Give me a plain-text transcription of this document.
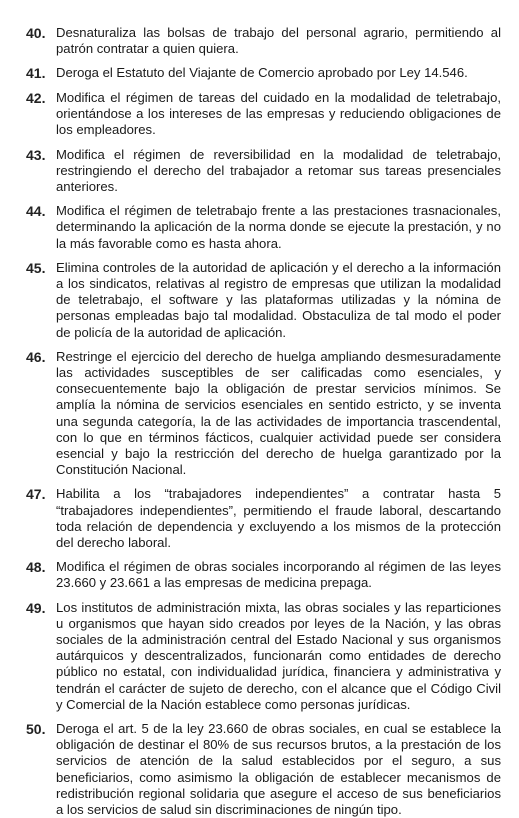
40. Desnaturaliza las bolsas de trabajo del personal agrario, permitiendo al patrón contratar a quien quiera.
41. Deroga el Estatuto del Viajante de Comercio aprobado por Ley 14.546.
42. Modifica el régimen de tareas del cuidado en la modalidad de teletrabajo, orientándose a los intereses de las empresas y reduciendo obligaciones de los empleadores.
43. Modifica el régimen de reversibilidad en la modalidad de teletrabajo, restringiendo el derecho del trabajador a retomar sus tareas presenciales anteriores.
44. Modifica el régimen de teletrabajo frente a las prestaciones trasnacionales, determinando la aplicación de la norma donde se ejecute la prestación, y no la más favorable como es hasta ahora.
45. Elimina controles de la autoridad de aplicación y el derecho a la información a los sindicatos, relativas al registro de empresas que utilizan la modalidad de teletrabajo, el software y las plataformas utilizadas y la nómina de personas empleadas bajo tal modalidad. Obstaculiza de tal modo el poder de policía de la autoridad de aplicación.
46. Restringe el ejercicio del derecho de huelga ampliando desmesuradamente las actividades susceptibles de ser calificadas como esenciales, y consecuentemente bajo la obligación de prestar servicios mínimos. Se amplía la nómina de servicios esenciales en sentido estricto, y se inventa una segunda categoría, la de las actividades de importancia trascendental, con lo que en términos fácticos, cualquier actividad puede ser considera esencial y bajo la restricción del derecho de huelga garantizado por la Constitución Nacional.
47. Habilita a los “trabajadores independientes” a contratar hasta 5 “trabajadores independientes”, permitiendo el fraude laboral, descartando toda relación de dependencia y excluyendo a los mismos de la protección del derecho laboral.
48. Modifica el régimen de obras sociales incorporando al régimen de las leyes 23.660 y 23.661 a las empresas de medicina prepaga.
49. Los institutos de administración mixta, las obras sociales y las reparticiones u organismos que hayan sido creados por leyes de la Nación, y las obras sociales de la administración central del Estado Nacional y sus organismos autárquicos y descentralizados, funcionarán como entidades de derecho público no estatal, con individualidad jurídica, financiera y administrativa y tendrán el carácter de sujeto de derecho, con el alcance que el Código Civil y Comercial de la Nación establece como personas jurídicas.
50. Deroga el art. 5 de la ley 23.660 de obras sociales, en cual se establece la obligación de destinar el 80% de sus recursos brutos, a la prestación de los servicios de atención de la salud establecidos por el seguro, a sus beneficiarios, como asimismo la obligación de establecer mecanismos de redistribución regional solidaria que asegure el acceso de sus beneficiarios a los servicios de salud sin discriminaciones de ningún tipo.
